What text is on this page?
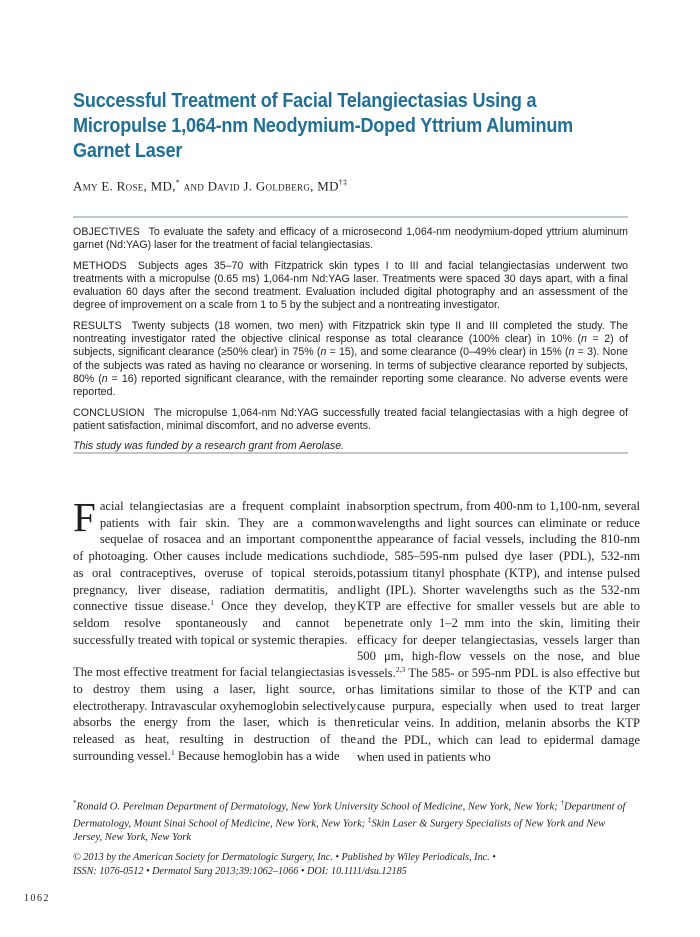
Successful Treatment of Facial Telangiectasias Using a
Micropulse 1,064-nm Neodymium-Doped Yttrium Aluminum
Garnet Laser
Amy E. Rose, MD,* and David J. Goldberg, MD†‡

OBJECTIVES To evaluate the safety and efficacy of a microsecond 1,064-nm neodymium-doped yttrium aluminum garnet (Nd:YAG) laser for the treatment of facial telangiectasias.

METHODS Subjects ages 35–70 with Fitzpatrick skin types I to III and facial telangiectasias underwent two treatments with a micropulse (0.65 ms) 1,064-nm Nd:YAG laser. Treatments were spaced 30 days apart, with a final evaluation 60 days after the second treatment. Evaluation included digital photography and an assessment of the degree of improvement on a scale from 1 to 5 by the subject and a nontreating investigator.

RESULTS Twenty subjects (18 women, two men) with Fitzpatrick skin type II and III completed the study. The nontreating investigator rated the objective clinical response as total clearance (100% clear) in 10% (n = 2) of subjects, significant clearance (≥50% clear) in 75% (n = 15), and some clearance (0–49% clear) in 15% (n = 3). None of the subjects was rated as having no clearance or worsening. In terms of subjective clearance reported by subjects, 80% (n = 16) reported significant clearance, with the remainder reporting some clearance. No adverse events were reported.

CONCLUSION The micropulse 1,064-nm Nd:YAG successfully treated facial telangiectasias with a high degree of patient satisfaction, minimal discomfort, and no adverse events.

This study was funded by a research grant from Aerolase.

Facial telangiectasias are a frequent complaint in patients with fair skin. They are a common sequelae of rosacea and an important component of photoaging. Other causes include medications such as oral contraceptives, overuse of topical steroids, pregnancy, liver disease, radiation dermatitis, and connective tissue disease.$^1$ Once they develop, they seldom resolve spontaneously and cannot be successfully treated with topical or systemic therapies.

The most effective treatment for facial telangiectasias is to destroy them using a laser, light source, or electrotherapy. Intravascular oxyhemoglobin selectively absorbs the energy from the laser, which is then released as heat, resulting in destruction of the surrounding vessel.$^1$ Because hemoglobin has a wide

absorption spectrum, from 400-nm to 1,100-nm, several wavelengths and light sources can eliminate or reduce the appearance of facial vessels, including the 810-nm diode, 585–595-nm pulsed dye laser (PDL), 532-nm potassium titanyl phosphate (KTP), and intense pulsed light (IPL). Shorter wavelengths such as the 532-nm KTP are effective for smaller vessels but are able to penetrate only 1–2 mm into the skin, limiting their efficacy for deeper telangiectasias, vessels larger than 500 μm, high-flow vessels on the nose, and blue vessels.$^{2,3}$ The 585- or 595-nm PDL is also effective but has limitations similar to those of the KTP and can cause purpura, especially when used to treat larger reticular veins. In addition, melanin absorbs the KTP and the PDL, which can lead to epidermal damage when used in patients who

*Ronald O. Perelman Department of Dermatology, New York University School of Medicine, New York, New York; †Department of Dermatology, Mount Sinai School of Medicine, New York, New York; ‡Skin Laser & Surgery Specialists of New York and New Jersey, New York, New York
© 2013 by the American Society for Dermatologic Surgery, Inc. • Published by Wiley Periodicals, Inc. •
ISSN: 1076-0512 • Dermatol Surg 2013;39:1062–1066 • DOI: 10.1111/dsu.12185
1062
